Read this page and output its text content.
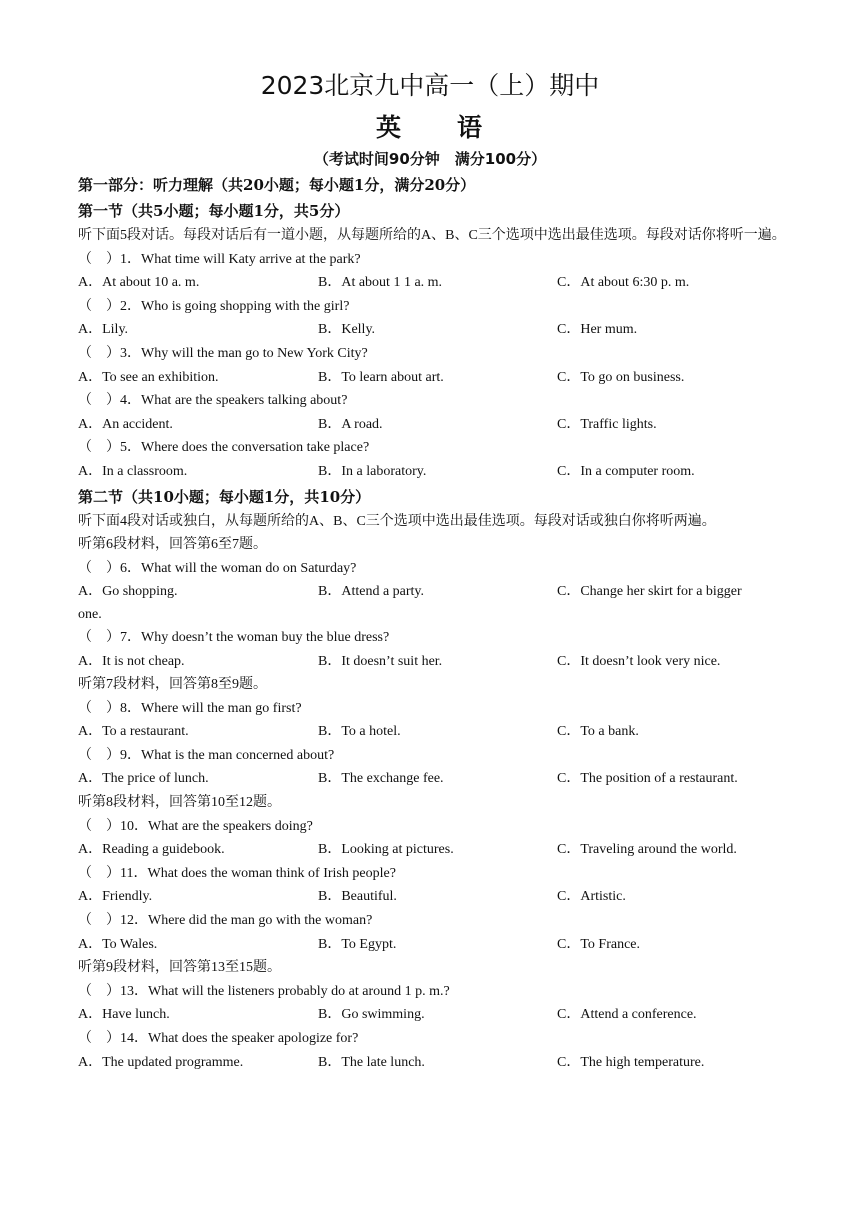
2023北京九中高一（上）期中
英　　语
（考试时间90分钟　满分100分）
第一部分：听力理解（共20小题；每小题1分，满分20分）
第一节（共5小题；每小题1分，共5分）
听下面5段对话。每段对话后有一道小题，从每题所给的A、B、C三个选项中选出最佳选项。每段对话你将听一遍。
（　）1．What time will Katy arrive at the park?
A．At about 10 a. m.	B．At about 1 1 a. m.	C．At about 6:30 p. m.
（　）2．Who is going shopping with the girl?
A．Lily.	B．Kelly.	C．Her mum.
（　）3．Why will the man go to New York City?
A．To see an exhibition.	B．To learn about art.	C．To go on business.
（　）4．What are the speakers talking about?
A．An accident.	B．A road.	C．Traffic lights.
（　）5．Where does the conversation take place?
A．In a classroom.	B．In a laboratory.	C．In a computer room.
第二节（共10小题；每小题1分，共10分）
听下面4段对话或独白，从每题所给的A、B、C三个选项中选出最佳选项。每段对话或独白你将听两遍。
听第6段材料，回答第6至7题。
（　）6．What will the woman do on Saturday?
A．Go shopping.	B．Attend a party.	C．Change her skirt for a bigger
one.
（　）7．Why doesn’t the woman buy the blue dress?
A．It is not cheap.	B．It doesn’t suit her.	C．It doesn’t look very nice.
听第7段材料，回答第8至9题。
（　）8．Where will the man go first?
A．To a restaurant.	B．To a hotel.	C．To a bank.
（　）9．What is the man concerned about?
A．The price of lunch.	B．The exchange fee.	C．The position of a restaurant.
听第8段材料，回答第10至12题。
（　）10．What are the speakers doing?
A．Reading a guidebook.	B．Looking at pictures.	C．Traveling around the world.
（　）11．What does the woman think of Irish people?
A．Friendly.	B．Beautiful.	C．Artistic.
（　）12．Where did the man go with the woman?
A．To Wales.	B．To Egypt.	C．To France.
听第9段材料，回答第13至15题。
（　）13．What will the listeners probably do at around 1 p. m.?
A．Have lunch.	B．Go swimming.	C．Attend a conference.
（　）14．What does the speaker apologize for?
A．The updated programme.	B．The late lunch.	C．The high temperature.
